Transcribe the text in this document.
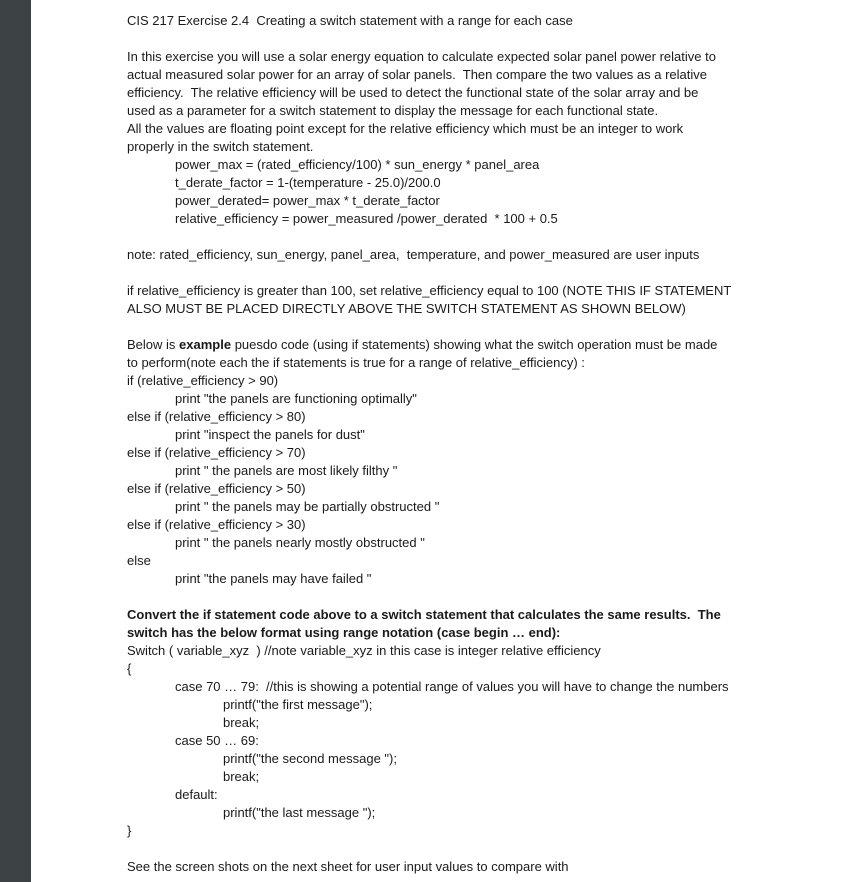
CIS 217 Exercise 2.4  Creating a switch statement with a range for each case
In this exercise you will use a solar energy equation to calculate expected solar panel power relative to
actual measured solar power for an array of solar panels.  Then compare the two values as a relative
efficiency.  The relative efficiency will be used to detect the functional state of the solar array and be
used as a parameter for a switch statement to display the message for each functional state.
All the values are floating point except for the relative efficiency which must be an integer to work
properly in the switch statement.
power_max = (rated_efficiency/100) * sun_energy * panel_area
t_derate_factor = 1-(temperature - 25.0)/200.0
power_derated= power_max * t_derate_factor
relative_efficiency = power_measured /power_derated  * 100 + 0.5
note: rated_efficiency, sun_energy, panel_area,  temperature, and power_measured are user inputs
if relative_efficiency is greater than 100, set relative_efficiency equal to 100 (NOTE THIS IF STATEMENT
ALSO MUST BE PLACED DIRECTLY ABOVE THE SWITCH STATEMENT AS SHOWN BELOW)
Below is example puesdo code (using if statements) showing what the switch operation must be made
to perform(note each the if statements is true for a range of relative_efficiency) :
if (relative_efficiency > 90)
print "the panels are functioning optimally"
else if (relative_efficiency > 80)
print "inspect the panels for dust"
else if (relative_efficiency > 70)
print " the panels are most likely filthy "
else if (relative_efficiency > 50)
print " the panels may be partially obstructed "
else if (relative_efficiency > 30)
print " the panels nearly mostly obstructed "
else
print "the panels may have failed "
Convert the if statement code above to a switch statement that calculates the same results.  The
switch has the below format using range notation (case begin … end):
Switch ( variable_xyz  ) //note variable_xyz in this case is integer relative efficiency
{
case 70 … 79:  //this is showing a potential range of values you will have to change the numbers
printf("the first message");
break;
case 50 … 69:
printf("the second message ");
break;
default:
printf("the last message ");
}
See the screen shots on the next sheet for user input values to compare with
